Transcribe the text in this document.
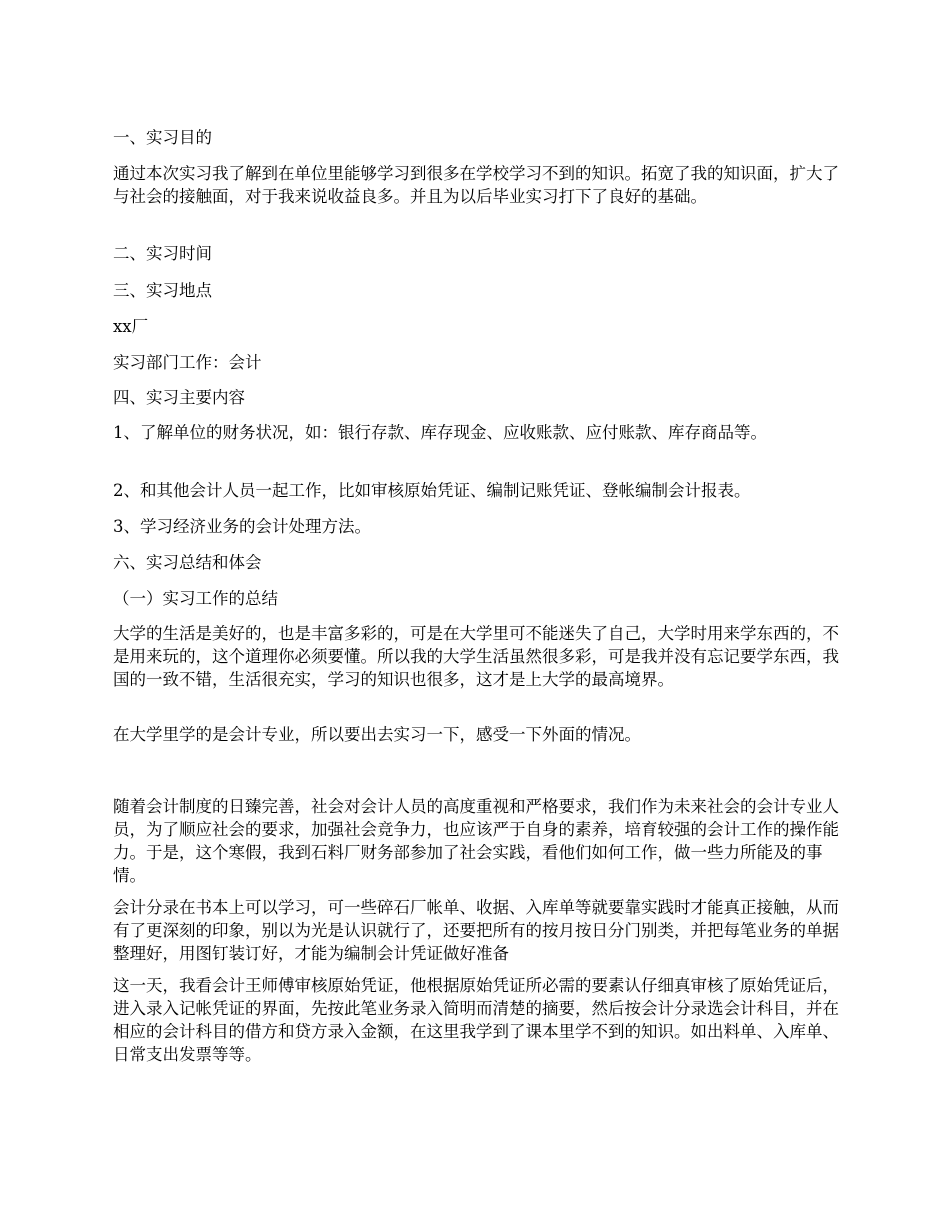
一、实习目的

通过本次实习我了解到在单位里能够学习到很多在学校学习不到的知识。拓宽了我的知识面，扩大了与社会的接触面，对于我来说收益良多。并且为以后毕业实习打下了良好的基础。

二、实习时间

三、实习地点

xx厂

实习部门工作：会计

四、实习主要内容

1、了解单位的财务状况，如：银行存款、库存现金、应收账款、应付账款、库存商品等。

2、和其他会计人员一起工作，比如审核原始凭证、编制记账凭证、登帐编制会计报表。

3、学习经济业务的会计处理方法。

六、实习总结和体会

（一）实习工作的总结

大学的生活是美好的，也是丰富多彩的，可是在大学里可不能迷失了自己，大学时用来学东西的，不是用来玩的，这个道理你必须要懂。所以我的大学生活虽然很多彩，可是我并没有忘记要学东西，我国的一致不错，生活很充实，学习的知识也很多，这才是上大学的最高境界。

在大学里学的是会计专业，所以要出去实习一下，感受一下外面的情况。

随着会计制度的日臻完善，社会对会计人员的高度重视和严格要求，我们作为未来社会的会计专业人员，为了顺应社会的要求，加强社会竞争力，也应该严于自身的素养，培育较强的会计工作的操作能力。于是，这个寒假，我到石料厂财务部参加了社会实践，看他们如何工作，做一些力所能及的事情。

会计分录在书本上可以学习，可一些碎石厂帐单、收据、入库单等就要靠实践时才能真正接触，从而有了更深刻的印象，别以为光是认识就行了，还要把所有的按月按日分门别类，并把每笔业务的单据整理好，用图钉装订好，才能为编制会计凭证做好准备

这一天，我看会计王师傅审核原始凭证，他根据原始凭证所必需的要素认仔细真审核了原始凭证后，进入录入记帐凭证的界面，先按此笔业务录入简明而清楚的摘要，然后按会计分录选会计科目，并在相应的会计科目的借方和贷方录入金额，在这里我学到了课本里学不到的知识。如出料单、入库单、日常支出发票等等。
